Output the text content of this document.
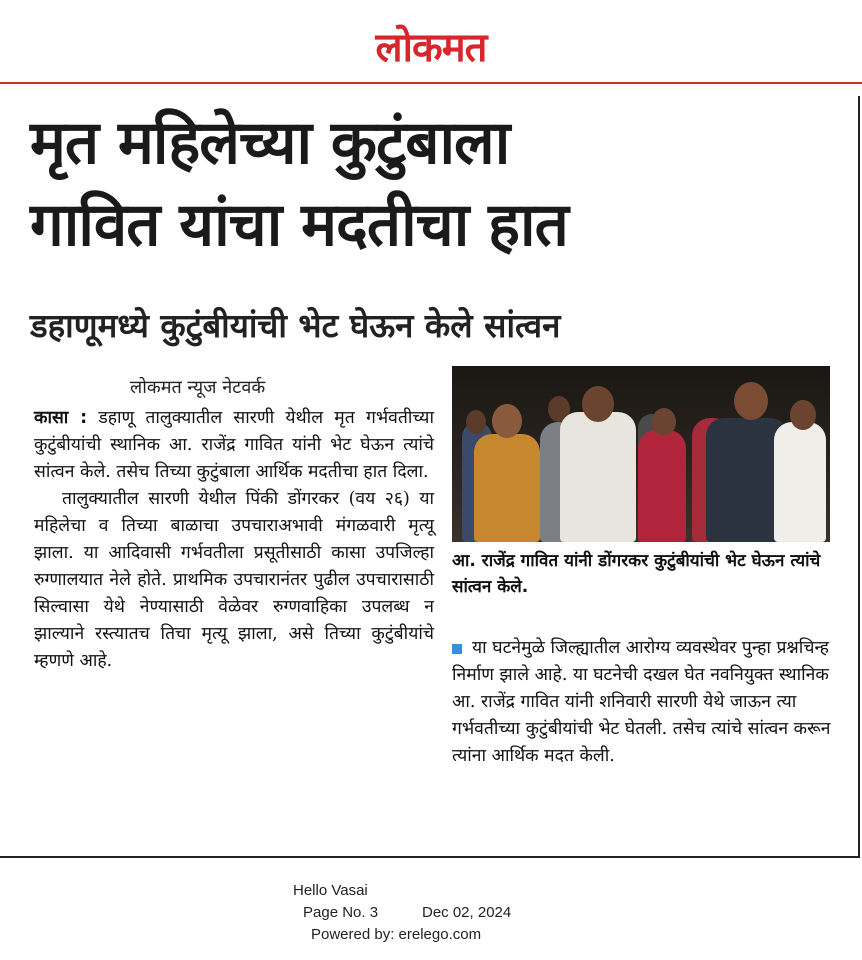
लोकमत
मृत महिलेच्या कुटुंबाला
गावित यांचा मदतीचा हात
डहाणूमध्ये कुटुंबीयांची भेट घेऊन केले सांत्वन
लोकमत न्यूज नेटवर्क

कासा : डहाणू तालुक्यातील सारणी येथील मृत गर्भवतीच्या कुटुंबीयांची स्थानिक आ. राजेंद्र गावित यांनी भेट घेऊन त्यांचे सांत्वन केले. तसेच तिच्या कुटुंबाला आर्थिक मदतीचा हात दिला.

तालुक्यातील सारणी येथील पिंकी डोंगरकर (वय २६) या महिलेचा व तिच्या बाळाचा उपचाराअभावी मंगळवारी मृत्यू झाला. या आदिवासी गर्भवतीला प्रसूतीसाठी कासा उपजिल्हा रुग्णालयात नेले होते. प्राथमिक उपचारानंतर पुढील उपचारासाठी सिल्वासा येथे नेण्यासाठी वेळेवर रुग्णवाहिका उपलब्ध न झाल्याने रस्त्यातच तिचा मृत्यू झाला, असे तिच्या कुटुंबीयांचे म्हणणे आहे.

आ. राजेंद्र गावित यांनी डोंगरकर कुटुंबीयांची भेट घेऊन त्यांचे सांत्वन केले.
या घटनेमुळे जिल्ह्यातील आरोग्य व्यवस्थेवर पुन्हा प्रश्नचिन्ह निर्माण झाले आहे. या घटनेची दखल घेत नवनियुक्त स्थानिक आ. राजेंद्र गावित यांनी शनिवारी सारणी येथे जाऊन त्या गर्भवतीच्या कुटुंबीयांची भेट घेतली. तसेच त्यांचे सांत्वन करून त्यांना आर्थिक मदत केली.
Hello Vasai
Page No. 3	Dec 02, 2024
Powered by: erelego.com
